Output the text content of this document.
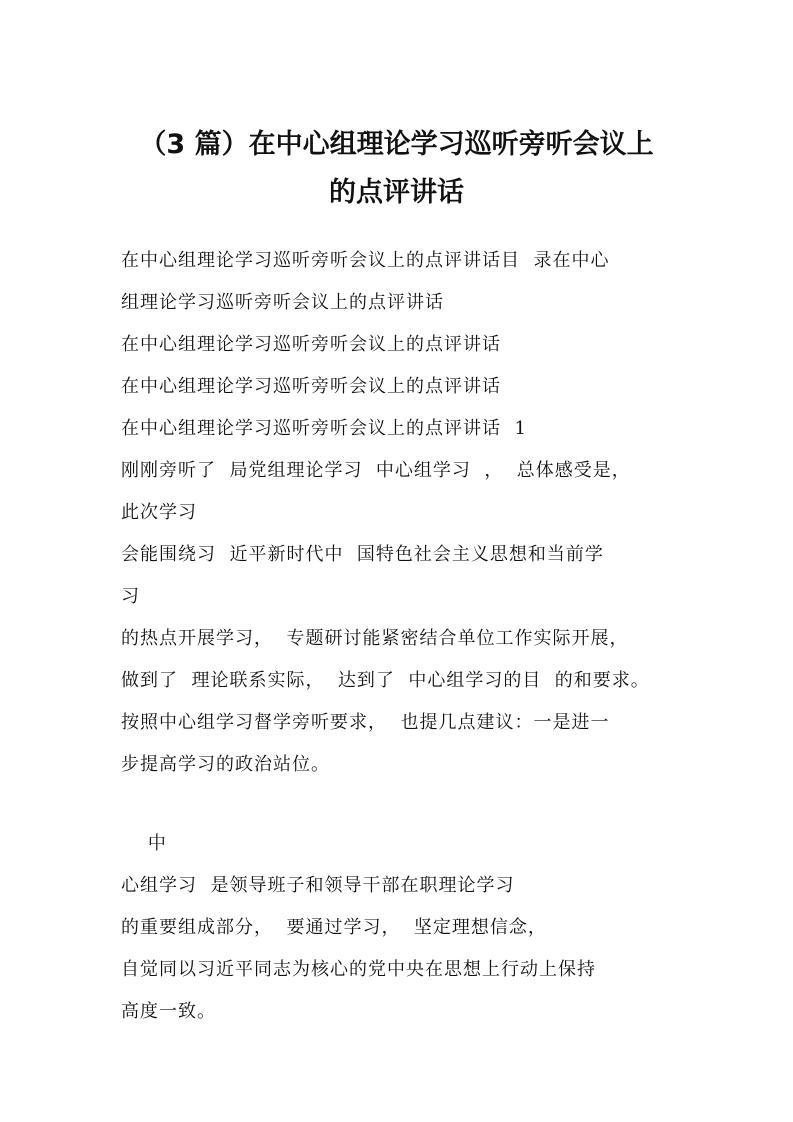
（3 篇）在中心组理论学习巡听旁听会议上
的点评讲话
在中心组理论学习巡听旁听会议上的点评讲话目  录在中心
组理论学习巡听旁听会议上的点评讲话
在中心组理论学习巡听旁听会议上的点评讲话
在中心组理论学习巡听旁听会议上的点评讲话
在中心组理论学习巡听旁听会议上的点评讲话  1
刚刚旁听了  局党组理论学习  中心组学习  ，  总体感受是，
此次学习
会能围绕习  近平新时代中  国特色社会主义思想和当前学
习
的热点开展学习，  专题研讨能紧密结合单位工作实际开展，
做到了  理论联系实际，  达到了  中心组学习的目  的和要求。
按照中心组学习督学旁听要求，  也提几点建议：一是进一
步提高学习的政治站位。
中
心组学习  是领导班子和领导干部在职理论学习
的重要组成部分，  要通过学习，  坚定理想信念，
自觉同以习近平同志为核心的党中央在思想上行动上保持
高度一致。
